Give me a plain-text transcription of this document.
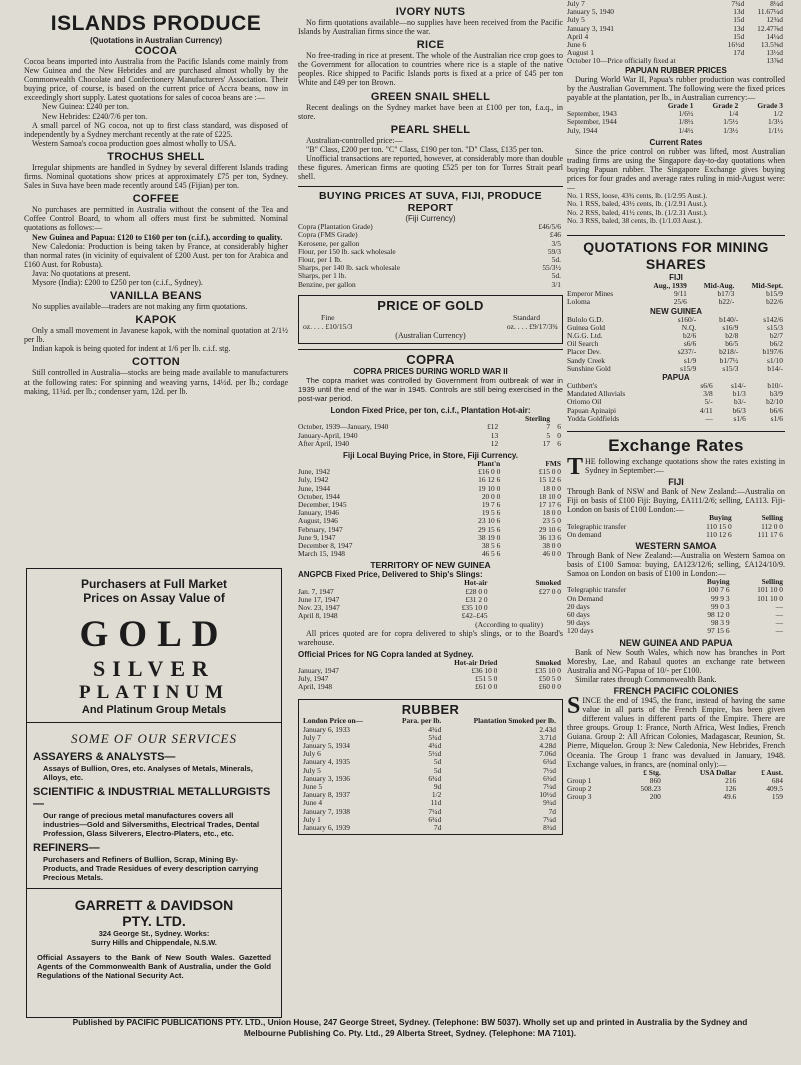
ISLANDS PRODUCE
(Quotations in Australian Currency)
COCOA

Cocoa beans imported into Australia from the Pacific Islands come mainly from New Guinea and the New Hebrides and are purchased almost wholly by the Commonwealth Chocolate and Confectionery Manufacturers' Association. Their buying price, of course, is based on the current price of Accra beans, now in exceedingly short supply. Latest quotations for sales of cocoa beans are :—

New Guinea: £240 per ton.

New Hebrides: £240/7/6 per ton.

A small parcel of NG cocoa, not up to first class standard, was disposed of independently by a Sydney merchant recently at the rate of £225.

Western Samoa's cocoa production goes almost wholly to USA.

TROCHUS SHELL

Irregular shipments are handled in Sydney by several different Islands trading firms. Nominal quotations show prices at approximately £75 per ton, Sydney. Sales in Suva have been made recently around £45 (Fijian) per ton.

COFFEE

No purchases are permitted in Australia without the consent of the Tea and Coffee Control Board, to whom all offers must first be submitted. Nominal quotations as follows:—

New Guinea and Papua: £120 to £160 per ton (c.i.f.), according to quality.

New Caledonia: Production is being taken by France, at considerably higher than normal rates (in vicinity of equivalent of £200 Aust. per ton for Arabica and £160 Aust. for Robusta).

Java: No quotations at present.

Mysore (India): £200 to £250 per ton (c.i.f., Sydney).

VANILLA BEANS

No supplies available—traders are not making any firm quotations.

KAPOK

Only a small movement in Javanese kapok, with the nominal quotation at 2/1½ per lb.

Indian kapok is being quoted for indent at 1/6 per lb. c.i.f. stg.

COTTON

Still controlled in Australia—stocks are being made available to manufacturers at the following rates: For spinning and weaving yarns, 14½d. per lb.; cordage making, 11¾d. per lb.; condenser yarn, 12d. per lb.

Purchasers at Full Market
Prices on Assay Value of
GOLD
SILVER
PLATINUM
And Platinum Group Metals
SOME OF OUR SERVICES
ASSAYERS & ANALYSTS—
Assays of Bullion, Ores, etc. Analyses of Metals, Minerals, Alloys, etc.
SCIENTIFIC & INDUSTRIAL METALLURGISTS—
Our range of precious metal manufactures covers all industries—Gold and Silversmiths, Electrical Trades, Dental Profession, Glass Silverers, Electro-Platers, etc., etc.
REFINERS—
Purchasers and Refiners of Bullion, Scrap, Mining By-Products, and Trade Residues of every description carrying Precious Metals.
GARRETT & DAVIDSON
PTY. LTD.
324 George St., Sydney. Works:
Surry Hills and Chippendale, N.S.W.
Official Assayers to the Bank of New South Wales. Gazetted Agents of the Commonwealth Bank of Australia, under the Gold Regulations of the National Security Act.
IVORY NUTS

No firm quotations available—no supplies have been received from the Pacific Islands by Australian firms since the war.

RICE

No free-trading in rice at present. The whole of the Australian rice crop goes to the Government for allocation to countries where rice is a staple of the native peoples. Rice shipped to Pacific Islands ports is fixed at a price of £45 per ton White and £49 per ton Brown.

GREEN SNAIL SHELL

Recent dealings on the Sydney market have been at £100 per ton, f.a.q., in store.

PEARL SHELL

Australian-controlled price:—

"B" Class, £200 per ton. "C" Class, £190 per ton. "D" Class, £135 per ton.

Unofficial transactions are reported, however, at considerably more than double these figures. American firms are quoting £525 per ton for Torres Strait pearl shell.

BUYING PRICES AT SUVA, FIJI, PRODUCE REPORT
(Fiji Currency)
Copra (Plantation Grade)	£46/5/6
Copra (FMS Grade)	£46
Kerosene, per gallon	3/5
Flour, per 150 lb. sack wholesale	59/3
Flour, per 1 lb.	5d.
Sharps, per 140 lb. sack wholesale	55/3½
Sharps, per 1 lb.	5d.
Benzine, per gallon	3/1
PRICE OF GOLD
Fine	Standard
oz. . . . £10/15/3	oz. . . . £9/17/3¾
(Australian Currency)
COPRA
COPRA PRICES DURING WORLD WAR II

The copra market was controlled by Government from outbreak of war in 1939 until the end of the war in 1945. Controls are still being exercised in the post-war period.

London Fixed Price, per ton, c.i.f., Plantation Hot-air:
		Sterling	
October, 1939—January, 1940	£12	7	6
January-April, 1940	13	5	0
After April, 1940	12	17	6
Fiji Local Buying Price, in Store, Fiji Currency.
	Plant'n	FMS
June, 1942	£16 0 0	£15 0 0
July, 1942	16 12 6	15 12 6
June, 1944	19 10 0	18 0 0
October, 1944	20 0 0	18 10 0
December, 1945	19 7 6	17 17 6
January, 1946	19 5 6	18 0 0
August, 1946	23 10 6	23 5 0
February, 1947	29 15 6	29 10 6
June 9, 1947	38 19 0	36 13 6
December 8, 1947	38 5 6	38 0 0
March 15, 1948	46 5 6	46 0 0
TERRITORY OF NEW GUINEA
ANGPCB Fixed Price, Delivered to Ship's Slings:
	Hot-air	Smoked
Jan. 7, 1947	£28 0 0	£27 0 0
June 17, 1947	£31 2 0	
Nov. 23, 1947	£35 10 0	
April 8, 1948	£42–£45	
(According to quality)

All prices quoted are for copra delivered to ship's slings, or to the Board's warehouse.

Official Prices for NG Copra landed at Sydney.
	Hot-air Dried	Smoked
January, 1947	£36 10 0	£35 10 0
July, 1947	£51 5 0	£50 5 0
April, 1948	£61 0 0	£60 0 0
RUBBER
London Price on—	Para. per lb.	Plantation Smoked per lb.
January 6, 1933	4¾d	2.43d
July 7	5¾d	3.71d
January 5, 1934	4¾d	4.28d
July 6	5½d	7.06d
January 4, 1935	5d	6¾d
July 5	5d	7½d
January 3, 1936	6¾d	6¾d
June 5	9d	7¼d
January 8, 1937	1/2	10½d
June 4	11d	9¾d
January 7, 1938	7¼d	7d
July 1	6¾d	7¼d
January 6, 1939	7d	8¾d
July 7	7¾d	8¼d
January 5, 1940	13d	11.67¼d
July 5	15d	12¾d
January 3, 1941	13d	12.47⅞d
April 4	15d	14¼d
June 6	16½d	13.5⅝d
August 1	17d	13½d
October 10—Price officially fixed at		13⅞d
PAPUAN RUBBER PRICES

During World War II, Papua's rubber production was controlled by the Australian Government. The following were the fixed prices payable at the plantation, per lb., in Australian currency:—

	Grade 1	Grade 2	Grade 3
September, 1943	1/6½	1/4	1/2
September, 1944	1/8½	1/5½	1/3½
July, 1944	1/4½	1/3½	1/1½
Current Rates

Since the price control on rubber was lifted, most Australian trading firms are using the Singapore day-to-day quotations when buying Papuan rubber. The Singapore Exchange gives buying prices for four grades and average rates ruling in mid-August were:—

No. 1 RSS, loose, 43¾ cents, lb. (1/2.95 Aust.).
No. 1 RSS, baled, 43½ cents, lb. (1/2.91 Aust.).
No. 2 RSS, baled, 41½ cents, lb. (1/2.31 Aust.).
No. 3 RSS, baled, 38 cents, lb. (1/1.03 Aust.).
QUOTATIONS FOR MINING SHARES
FIJI
	Aug., 1939	Mid-Aug.	Mid-Sept.
Emperor Mines	9/11	b17/3	b15/9
Loloma	25/6	b22/-	b22/6
NEW GUINEA
Bulolo G.D.	s160/-	b140/-	s142/6
Guinea Gold	N.Q.	s16/9	s15/3
N.G.G. Ltd.	b2/6	b2/8	b2/7
Oil Search	s6/6	b6/5	b6/2
Placer Dev.	s237/-	b218/-	b197/6
Sandy Creek	s1/9	b1/7½	s1/10
Sunshine Gold	s15/9	s15/3	b14/-
PAPUA
Cuthbert's	s6/6	s14/-	b10/-
Mandated Alluvials	3/8	b1/3	b3/9
Oriomo Oil	5/-	b3/-	b2/10
Papuan Apinaipi	4/11	b6/3	b6/6
Yodda Goldfields	—	s1/6	s1/6
Exchange Rates

THE following exchange quotations show the rates existing in Sydney in September:—

FIJI

Through Bank of NSW and Bank of New Zealand:—Australia on Fiji on basis of £100 Fiji: Buying, £A111/2/6; selling, £A113. Fiji-London on basis of £100 London:—

	Buying	Selling
Telegraphic transfer	110 15 0	112 0 0
On demand	110 12 6	111 17 6
WESTERN SAMOA

Through Bank of New Zealand:—Australia on Western Samoa on basis of £100 Samoa: buying, £A123/12/6; selling, £A124/10/9. Samoa on London on basis of £100 in London:—

	Buying	Selling
Telegraphic transfer	100 7 6	101 10 0
On Demand	99 9 3	101 10 0
20 days	99 0 3	—
60 days	98 12 0	—
90 days	98 3 9	—
120 days	97 15 6	—
NEW GUINEA AND PAPUA

Bank of New South Wales, which now has branches in Port Moresby, Lae, and Rabaul quotes an exchange rate between Australia and NG-Papua of 10/- per £100.

Similar rates through Commonwealth Bank.

FRENCH PACIFIC COLONIES

SINCE the end of 1945, the franc, instead of having the same value in all parts of the French Empire, has been given different values in different parts of the Empire. There are three groups. Group 1: France, North Africa, West Indies, French Guiana. Group 2: All African Colonies, Madagascar, Reunion, St. Pierre, Miquelon. Group 3: New Caledonia, New Hebrides, French Oceania. The Group 1 franc was devalued in January, 1948. Exchange values, in francs, are (nominal only):—

	£ Stg.	USA Dollar	£ Aust.
Group 1	860	216	684
Group 2	508.23	126	409.5
Group 3	200	49.6	159
Published by PACIFIC PUBLICATIONS PTY. LTD., Union House, 247 George Street, Sydney. (Telephone: BW 5037). Wholly set up and printed in Australia by the Sydney and Melbourne Publishing Co. Pty. Ltd., 29 Alberta Street, Sydney. (Telephone: MA 7101).
